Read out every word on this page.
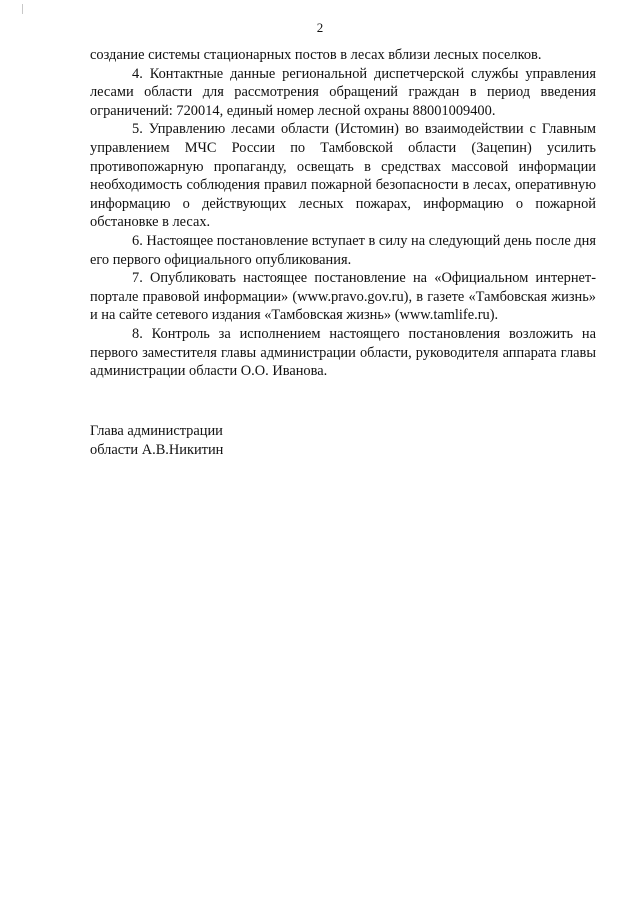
2

создание системы стационарных постов в лесах вблизи лесных поселков.

4. Контактные данные региональной диспетчерской службы управления лесами области для рассмотрения обращений граждан в период введения ограничений: 720014, единый номер лесной охраны 88001009400.

5. Управлению лесами области (Истомин) во взаимодействии с Главным управлением МЧС России по Тамбовской области (Зацепин) усилить противопожарную пропаганду, освещать в средствах массовой информации необходимость соблюдения правил пожарной безопасности в лесах, оперативную информацию о действующих лесных пожарах, информацию о пожарной обстановке в лесах.

6. Настоящее постановление вступает в силу на следующий день после дня его первого официального опубликования.

7. Опубликовать настоящее постановление на «Официальном интернет-портале правовой информации» (www.pravo.gov.ru), в газете «Тамбовская жизнь» и на сайте сетевого издания «Тамбовская жизнь» (www.tamlife.ru).

8. Контроль за исполнением настоящего постановления возложить на первого заместителя главы администрации области, руководителя аппарата главы администрации области О.О. Иванова.

Глава администрации
области А.В.Никитин
